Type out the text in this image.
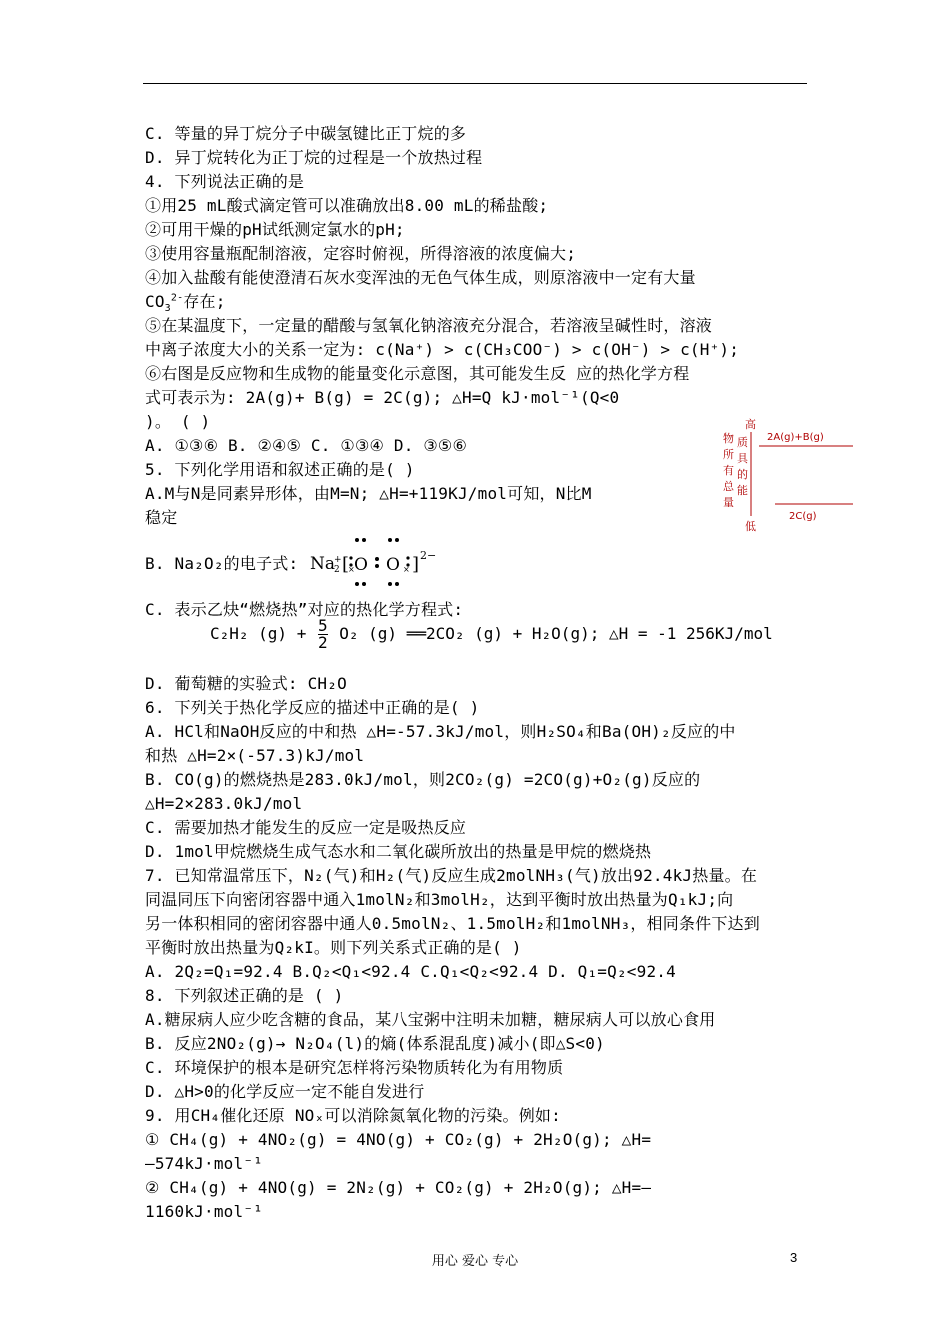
C. 等量的异丁烷分子中碳氢键比正丁烷的多
D. 异丁烷转化为正丁烷的过程是一个放热过程
4. 下列说法正确的是
①用25 mL酸式滴定管可以准确放出8.00 mL的稀盐酸;
②可用干燥的pH试纸测定氯水的pH;
③使用容量瓶配制溶液，定容时俯视，所得溶液的浓度偏大;
④加入盐酸有能使澄清石灰水变浑浊的无色气体生成，则原溶液中一定有大量
$CO_3^{2-}$存在;
⑤在某温度下，一定量的醋酸与氢氧化钠溶液充分混合，若溶液呈碱性时，溶液
中离子浓度大小的关系一定为: c(Na⁺) > c(CH₃COO⁻) > c(OH⁻) > c(H⁺);
⑥右图是反应物和生成物的能量变化示意图，其可能发生反 应的热化学方程
式可表示为: 2A(g)+ B(g) = 2C(g); △H=Q kJ·mol⁻¹(Q<0
)。 ( )
A. ①③⑥ B. ②④⑤ C. ①③④ D. ③⑤⑥
5. 下列化学用语和叙述正确的是( )
A.M与N是同素异形体，由M=N; △H=+119KJ/mol可知，N比M
稳定
B. Na₂O₂的电子式: Na
+
2 [ O O ] 2−
×	×
C. 表示乙炔“燃烧热”对应的热化学方程式:
C₂H₂ $(g) + \frac{5}{2} O_2$ (g) ══2CO₂ (g) + H₂O(g); △H = -1 256KJ/mol
D. 葡萄糖的实验式: CH₂O
6. 下列关于热化学反应的描述中正确的是( )
A. HCl和NaOH反应的中和热 △H=-57.3kJ/mol，则H₂SO₄和Ba(OH)₂反应的中
和热 △H=2×(-57.3)kJ/mol
B. CO(g)的燃烧热是283.0kJ/mol，则2CO₂(g) =2CO(g)+O₂(g)反应的
△H=2×283.0kJ/mol
C. 需要加热才能发生的反应一定是吸热反应
D. 1mol甲烷燃烧生成气态水和二氧化碳所放出的热量是甲烷的燃烧热
7. 已知常温常压下，N₂(气)和H₂(气)反应生成2molNH₃(气)放出92.4kJ热量。在
同温同压下向密闭容器中通入1molN₂和3molH₂，达到平衡时放出热量为Q₁kJ;向
另一体积相同的密闭容器中通人0.5molN₂、1.5molH₂和1molNH₃，相同条件下达到
平衡时放出热量为Q₂kI。则下列关系式正确的是( )
A. 2Q₂=Q₁=92.4 B.Q₂<Q₁<92.4 C.Q₁<Q₂<92.4 D. Q₁=Q₂<92.4
8. 下列叙述正确的是 ( )
A.糖尿病人应少吃含糖的食品，某八宝粥中注明未加糖，糖尿病人可以放心食用
B. 反应2NO₂(g)→ N₂O₄(l)的熵(体系混乱度)减小(即△S<0)
C. 环境保护的根本是研究怎样将污染物质转化为有用物质
D. △H>0的化学反应一定不能自发进行
9. 用CH₄催化还原 NOₓ可以消除氮氧化物的污染。例如:
① CH₄(g) + 4NO₂(g) = 4NO(g) + CO₂(g) + 2H₂O(g); △H=
—574kJ·mol⁻¹
② CH₄(g) + 4NO(g) = 2N₂(g) + CO₂(g) + 2H₂O(g); △H=—
1160kJ·mol⁻¹
物
所
有
总
量
质
具
的
能
高
低
2A(g)+B(g)
2C(g)
用心 爱心 专心	3
